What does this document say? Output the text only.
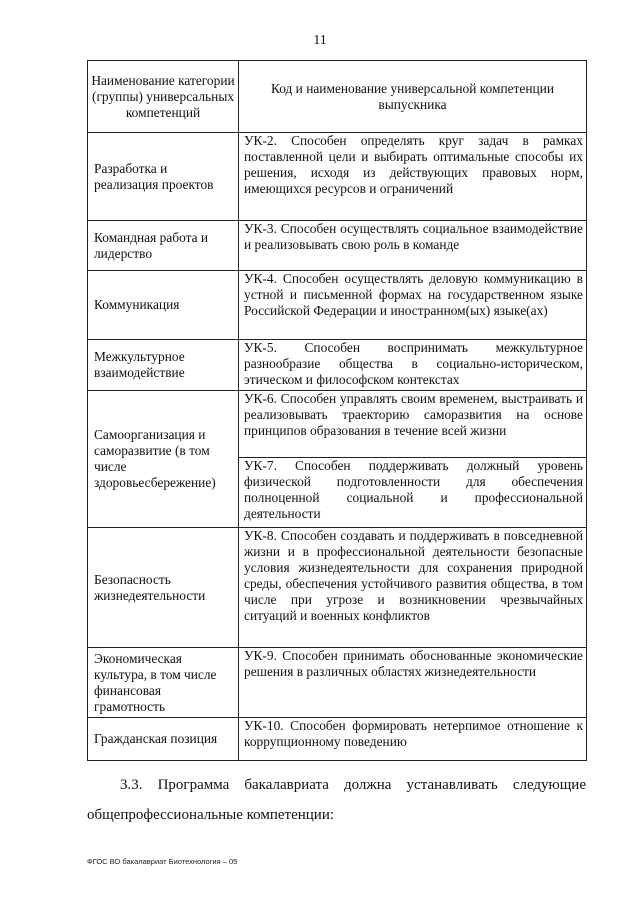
11
Наименование категории (группы) универсальных компетенций	Код и наименование универсальной компетенции выпускника
Разработка и реализация проектов	УК-2. Способен определять круг задач в рамках поставленной цели и выбирать оптимальные способы их решения, исходя из действующих правовых норм, имеющихся ресурсов и ограничений
Командная работа и лидерство	УК-3. Способен осуществлять социальное взаимодействие и реализовывать свою роль в команде
Коммуникация	УК-4. Способен осуществлять деловую коммуникацию в устной и письменной формах на государственном языке Российской Федерации и иностранном(ых) языке(ах)
Межкультурное взаимодействие	УК-5. Способен воспринимать межкультурное разнообразие общества в социально-историческом, этическом и философском контекстах
Самоорганизация и саморазвитие (в том числе здоровьесбережение)	УК-6. Способен управлять своим временем, выстраивать и реализовывать траекторию саморазвития на основе принципов образования в течение всей жизни
	УК-7. Способен поддерживать должный уровень физической подготовленности для обеспечения полноценной социальной и профессиональной деятельности
Безопасность жизнедеятельности	УК-8. Способен создавать и поддерживать в повседневной жизни и в профессиональной деятельности безопасные условия жизнедеятельности для сохранения природной среды, обеспечения устойчивого развития общества, в том числе при угрозе и возникновении чрезвычайных ситуаций и военных конфликтов
Экономическая культура, в том числе финансовая грамотность	УК-9. Способен принимать обоснованные экономические решения в различных областях жизнедеятельности
Гражданская позиция	УК-10. Способен формировать нетерпимое отношение к коррупционному поведению
3.3. Программа бакалавриата должна устанавливать следующие
общепрофессиональные компетенции:
ФГОС ВО бакалавриат Биотехнология – 05
